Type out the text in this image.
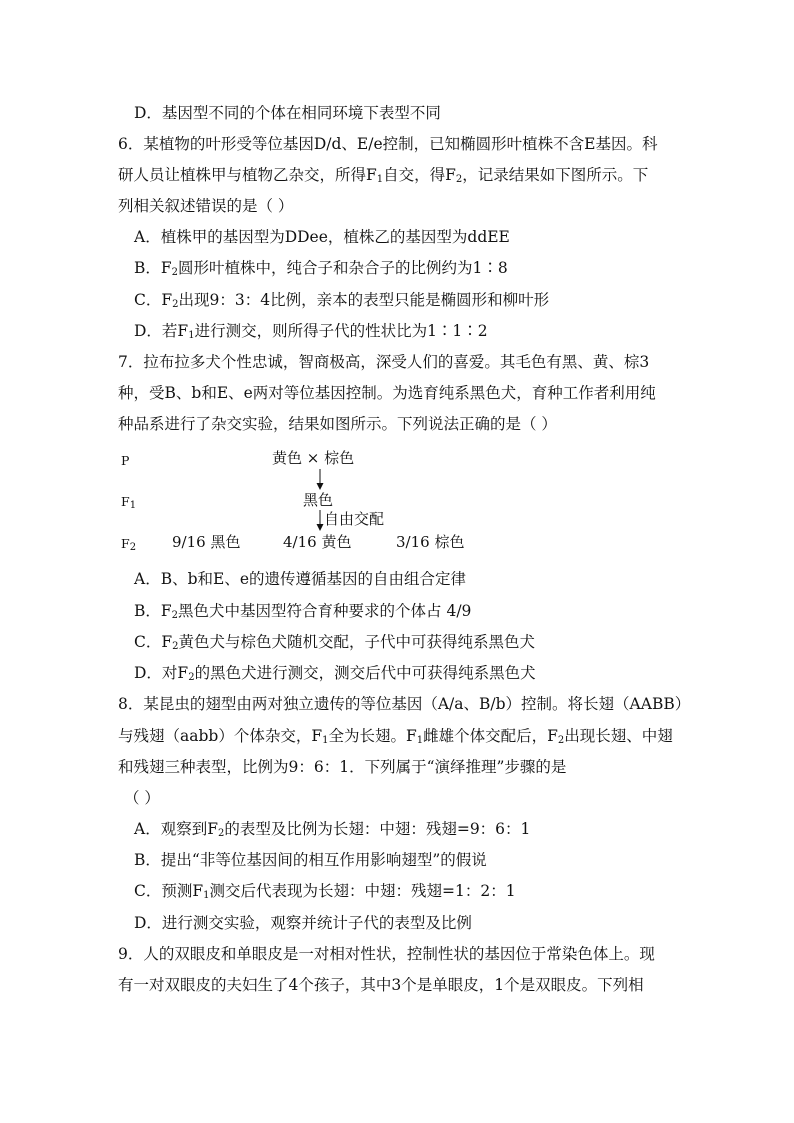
D．基因型不同的个体在相同环境下表型不同
6．某植物的叶形受等位基因D/d、E/e控制，已知椭圆形叶植株不含E基因。科
研人员让植株甲与植物乙杂交，所得$F_1$自交，得$F_2$，记录结果如下图所示。下
列相关叙述错误的是（ ）
A．植株甲的基因型为DDee，植株乙的基因型为ddEE
B．$F_2$圆形叶植株中，纯合子和杂合子的比例约为1∶8
C．$F_2$出现9：3：4比例，亲本的表型只能是椭圆形和柳叶形
D．若$F_1$进行测交，则所得子代的性状比为1∶1∶2
7．拉布拉多犬个性忠诚，智商极高，深受人们的喜爱。其毛色有黑、黄、棕3
种，受B、b和E、e两对等位基因控制。为选育纯系黑色犬，育种工作者利用纯
种品系进行了杂交实验，结果如图所示。下列说法正确的是（ ）
P
$F_1$
$F_2$
黄色 × 棕色
黑色
自由交配
9/16 黑色	4/16 黄色	3/16 棕色
A．B、b和E、e的遗传遵循基因的自由组合定律
B．$F_2$黑色犬中基因型符合育种要求的个体占 4/9
C．$F_2$黄色犬与棕色犬随机交配，子代中可获得纯系黑色犬
D．对$F_2$的黑色犬进行测交，测交后代中可获得纯系黑色犬
8．某昆虫的翅型由两对独立遗传的等位基因（A/a、B/b）控制。将长翅（AABB）
与残翅（aabb）个体杂交，$F_1$全为长翅。$F_1$雌雄个体交配后，$F_2$出现长翅、中翅
和残翅三种表型，比例为9：6：1．下列属于“演绎推理”步骤的是
（ ）
A．观察到$F_2$的表型及比例为长翅：中翅：残翅=9：6：1
B．提出“非等位基因间的相互作用影响翅型”的假说
C．预测$F_1$测交后代表现为长翅：中翅：残翅=1：2：1
D．进行测交实验，观察并统计子代的表型及比例
9．人的双眼皮和单眼皮是一对相对性状，控制性状的基因位于常染色体上。现
有一对双眼皮的夫妇生了4个孩子，其中3个是单眼皮，1个是双眼皮。下列相
